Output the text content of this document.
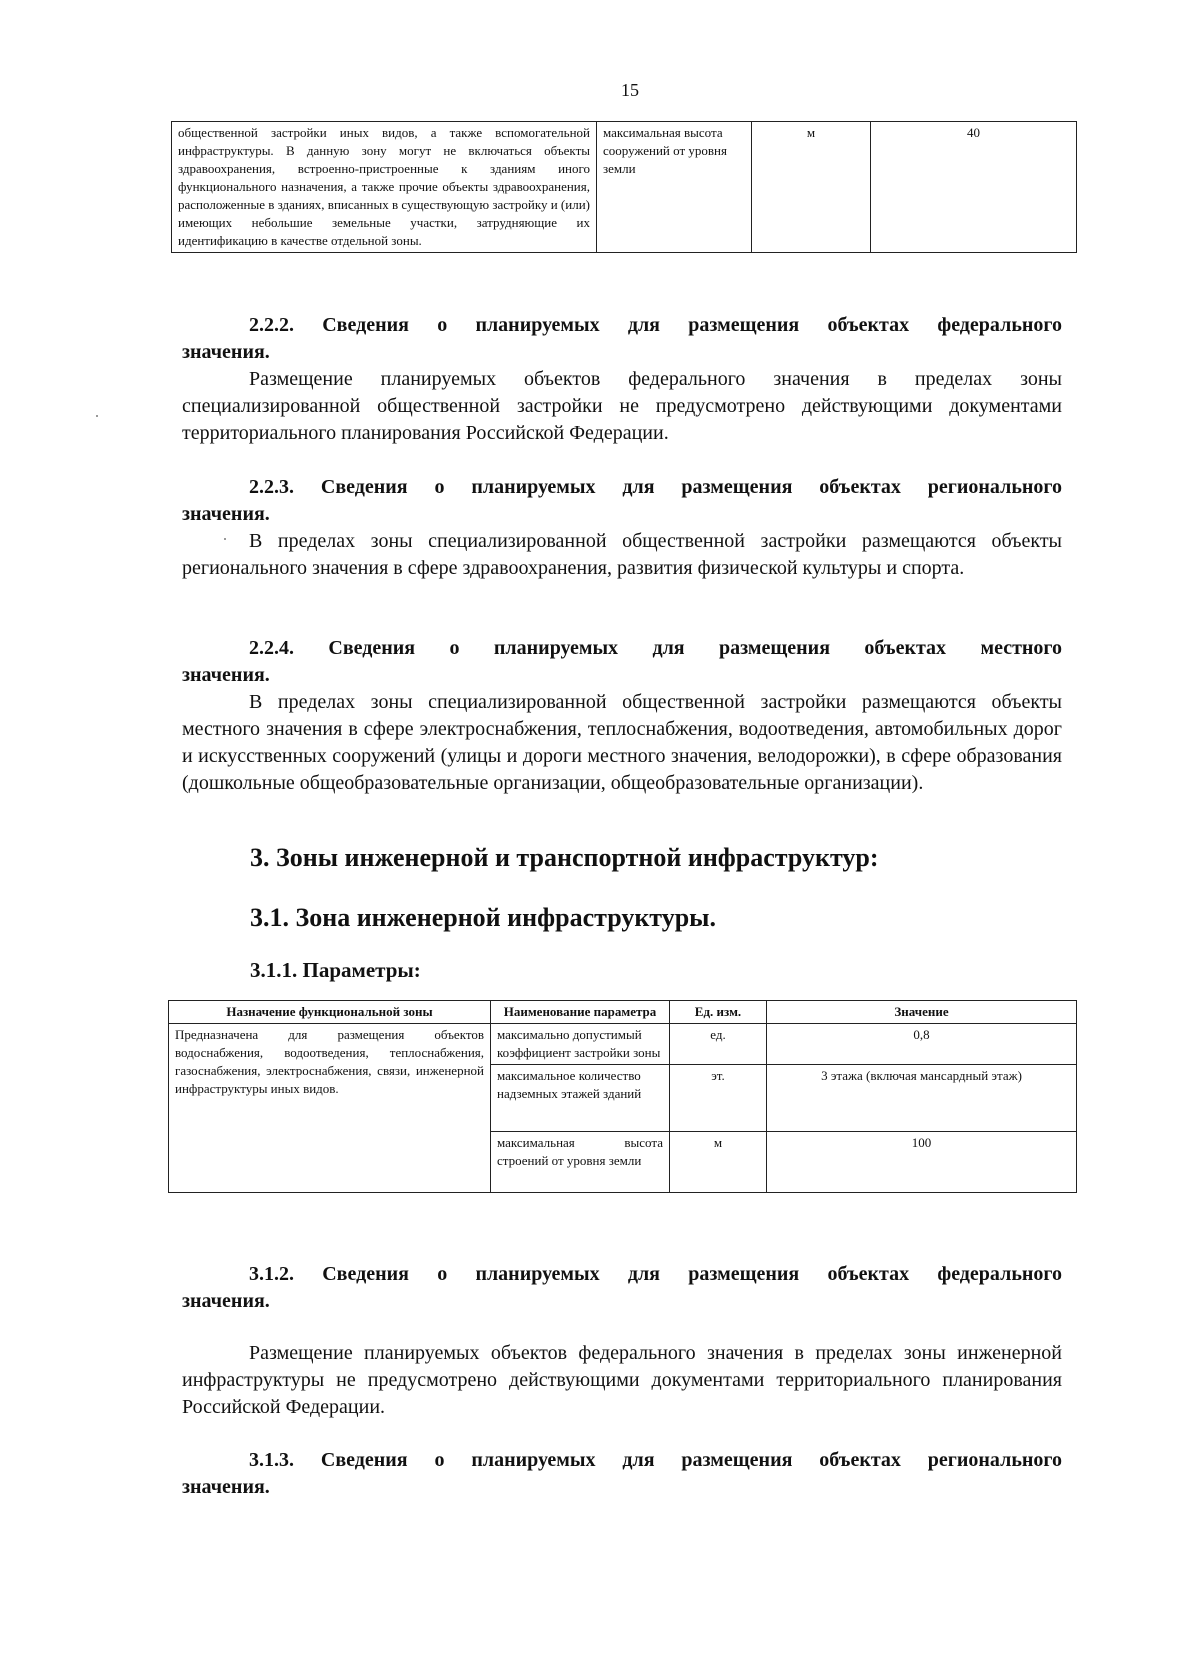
15
общественной застройки иных видов, а также вспомогательной инфраструктуры. В данную зону могут не включаться объекты здравоохранения, встроенно-пристроенные к зданиям иного функционального назначения, а также прочие объекты здравоохранения, расположенные в зданиях, вписанных в существующую застройку и (или) имеющих небольшие земельные участки, затрудняющие их идентификацию в качестве отдельной зоны.	максимальная высота сооружений от уровня земли	м	40
2.2.2. Сведения о планируемых для размещения объектах федерального
значения.
Размещение планируемых объектов федерального значения в пределах зоны специализированной общественной застройки не предусмотрено действующими документами территориального планирования Российской Федерации.
2.2.3. Сведения о планируемых для размещения объектах регионального
значения.
В пределах зоны специализированной общественной застройки размещаются объекты регионального значения в сфере здравоохранения, развития физической культуры и спорта.
2.2.4. Сведения о планируемых для размещения объектах местного
значения.
В пределах зоны специализированной общественной застройки размещаются объекты местного значения в сфере электроснабжения, теплоснабжения, водоотведения, автомобильных дорог и искусственных сооружений (улицы и дороги местного значения, велодорожки), в сфере образования (дошкольные общеобразовательные организации, общеобразовательные организации).
3. Зоны инженерной и транспортной инфраструктур:
3.1. Зона инженерной инфраструктуры.
3.1.1. Параметры:
Назначение функциональной зоны	Наименование параметра	Ед. изм.	Значение
Предназначена для размещения объектов водоснабжения, водоотведения, теплоснабжения, газоснабжения, электроснабжения, связи, инженерной инфраструктуры иных видов.	максимально допустимый коэффициент застройки зоны	ед.	0,8
	максимальное количество надземных этажей зданий	эт.	3 этажа (включая мансардный этаж)
	максимальная высота строений от уровня земли	м	100
3.1.2. Сведения о планируемых для размещения объектах федерального
значения.
Размещение планируемых объектов федерального значения в пределах зоны инженерной инфраструктуры не предусмотрено действующими документами территориального планирования Российской Федерации.
3.1.3. Сведения о планируемых для размещения объектах регионального
значения.
